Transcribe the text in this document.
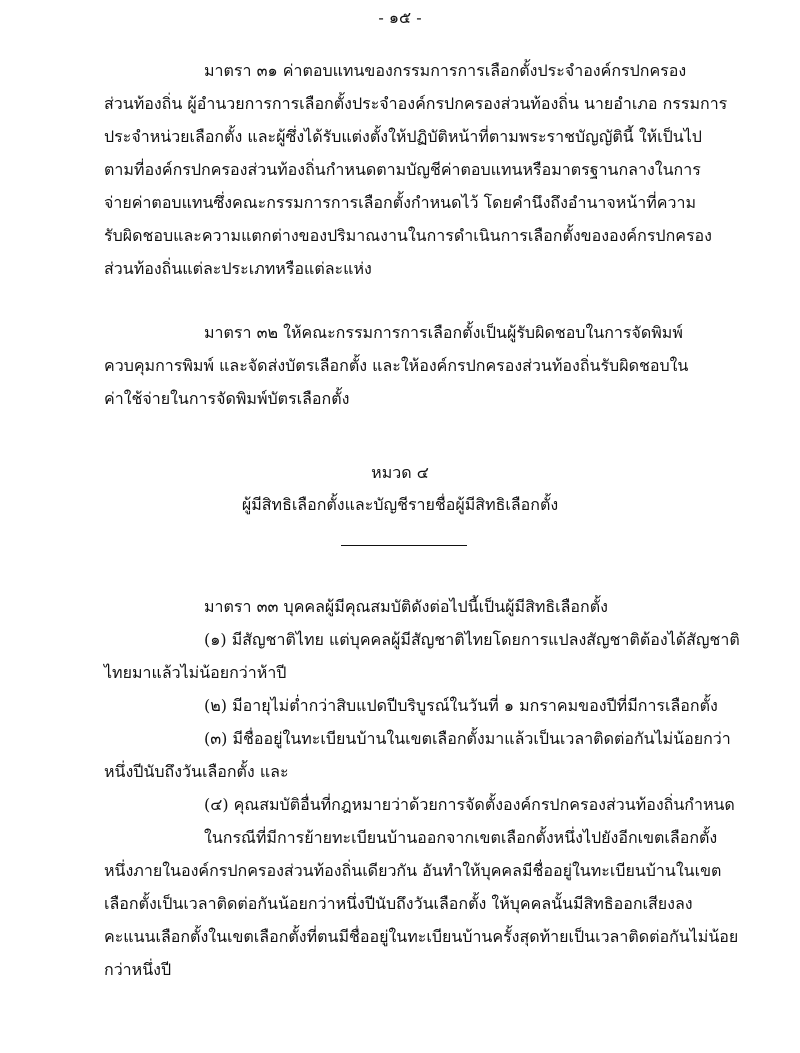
- ๑๕ -
มาตรา ๓๑ ค่าตอบแทนของกรรมการการเลือกตั้งประจำองค์กรปกครอง
ส่วนท้องถิ่น ผู้อำนวยการการเลือกตั้งประจำองค์กรปกครองส่วนท้องถิ่น นายอำเภอ กรรมการ
ประจำหน่วยเลือกตั้ง และผู้ซึ่งได้รับแต่งตั้งให้ปฏิบัติหน้าที่ตามพระราชบัญญัตินี้ ให้เป็นไป
ตามที่องค์กรปกครองส่วนท้องถิ่นกำหนดตามบัญชีค่าตอบแทนหรือมาตรฐานกลางในการ
จ่ายค่าตอบแทนซึ่งคณะกรรมการการเลือกตั้งกำหนดไว้ โดยคำนึงถึงอำนาจหน้าที่ความ
รับผิดชอบและความแตกต่างของปริมาณงานในการดำเนินการเลือกตั้งขององค์กรปกครอง
ส่วนท้องถิ่นแต่ละประเภทหรือแต่ละแห่ง
มาตรา ๓๒ ให้คณะกรรมการการเลือกตั้งเป็นผู้รับผิดชอบในการจัดพิมพ์
ควบคุมการพิมพ์ และจัดส่งบัตรเลือกตั้ง และให้องค์กรปกครองส่วนท้องถิ่นรับผิดชอบใน
ค่าใช้จ่ายในการจัดพิมพ์บัตรเลือกตั้ง
หมวด ๔
ผู้มีสิทธิเลือกตั้งและบัญชีรายชื่อผู้มีสิทธิเลือกตั้ง
มาตรา ๓๓ บุคคลผู้มีคุณสมบัติดังต่อไปนี้เป็นผู้มีสิทธิเลือกตั้ง
(๑) มีสัญชาติไทย แต่บุคคลผู้มีสัญชาติไทยโดยการแปลงสัญชาติต้องได้สัญชาติ
ไทยมาแล้วไม่น้อยกว่าห้าปี
(๒) มีอายุไม่ต่ำกว่าสิบแปดปีบริบูรณ์ในวันที่ ๑ มกราคมของปีที่มีการเลือกตั้ง
(๓) มีชื่ออยู่ในทะเบียนบ้านในเขตเลือกตั้งมาแล้วเป็นเวลาติดต่อกันไม่น้อยกว่า
หนึ่งปีนับถึงวันเลือกตั้ง และ
(๔) คุณสมบัติอื่นที่กฎหมายว่าด้วยการจัดตั้งองค์กรปกครองส่วนท้องถิ่นกำหนด
ในกรณีที่มีการย้ายทะเบียนบ้านออกจากเขตเลือกตั้งหนึ่งไปยังอีกเขตเลือกตั้ง
หนึ่งภายในองค์กรปกครองส่วนท้องถิ่นเดียวกัน อันทำให้บุคคลมีชื่ออยู่ในทะเบียนบ้านในเขต
เลือกตั้งเป็นเวลาติดต่อกันน้อยกว่าหนึ่งปีนับถึงวันเลือกตั้ง ให้บุคคลนั้นมีสิทธิออกเสียงลง
คะแนนเลือกตั้งในเขตเลือกตั้งที่ตนมีชื่ออยู่ในทะเบียนบ้านครั้งสุดท้ายเป็นเวลาติดต่อกันไม่น้อย
กว่าหนึ่งปี
